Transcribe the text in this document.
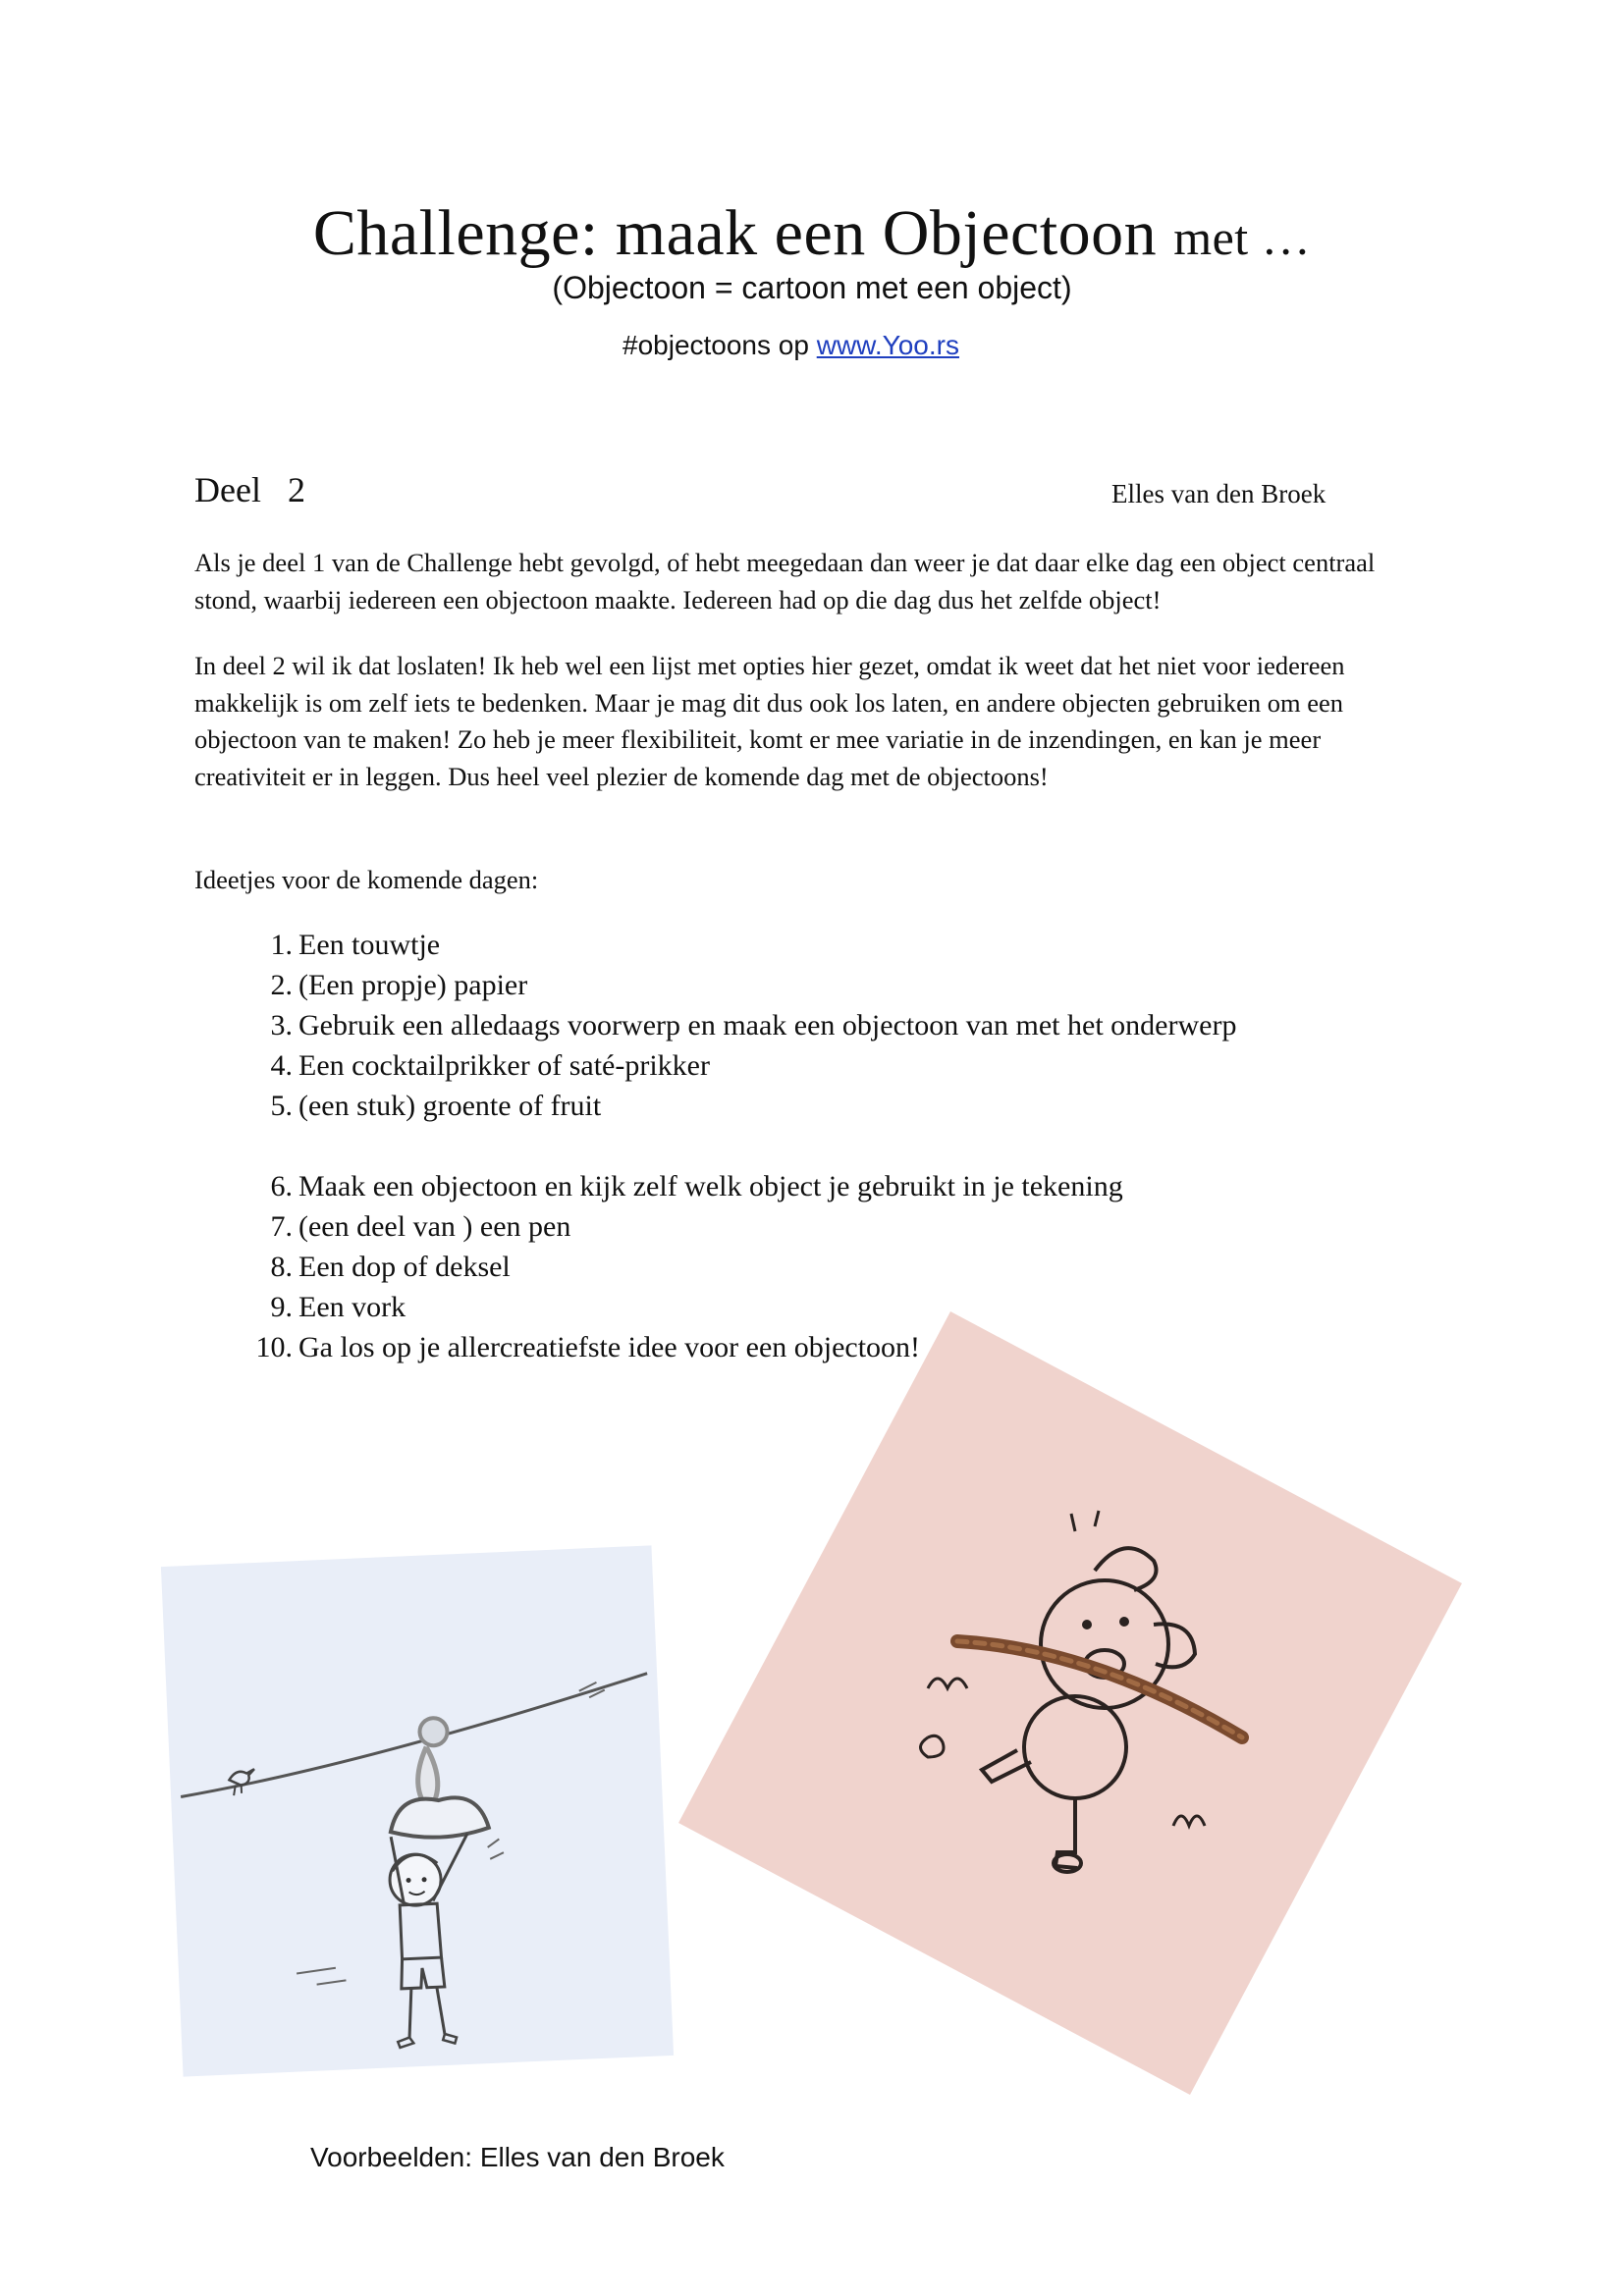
Challenge: maak een Objectoon met …
(Objectoon = cartoon met een object)
#objectoons op www.Yoo.rs
Deel   2	Elles van den Broek

Als je deel 1 van de Challenge hebt gevolgd, of hebt meegedaan dan weer je dat daar elke dag een object centraal stond, waarbij iedereen een objectoon maakte. Iedereen had op die dag dus het zelfde object!

In deel 2 wil ik dat loslaten! Ik heb wel een lijst met opties hier gezet, omdat ik weet dat het niet voor iedereen makkelijk is om zelf iets te bedenken. Maar je mag dit dus ook los laten, en andere objecten gebruiken om een objectoon van te maken! Zo heb je meer flexibiliteit, komt er mee variatie in de inzendingen, en kan je meer creativiteit er in leggen. Dus heel veel plezier de komende dag met de objectoons!

Ideetjes voor de komende dagen:

1. Een touwtje
2. (Een propje) papier
3. Gebruik een alledaags voorwerp en maak een objectoon van met het onderwerp
4. Een cocktailprikker of saté-prikker
5. (een stuk) groente of fruit
6. Maak een objectoon en kijk zelf welk object je gebruikt in je tekening
7. (een deel van ) een pen
8. Een dop of deksel
9. Een vork
10. Ga los op je allercreatiefste idee voor een objectoon!
Voorbeelden: Elles van den Broek
